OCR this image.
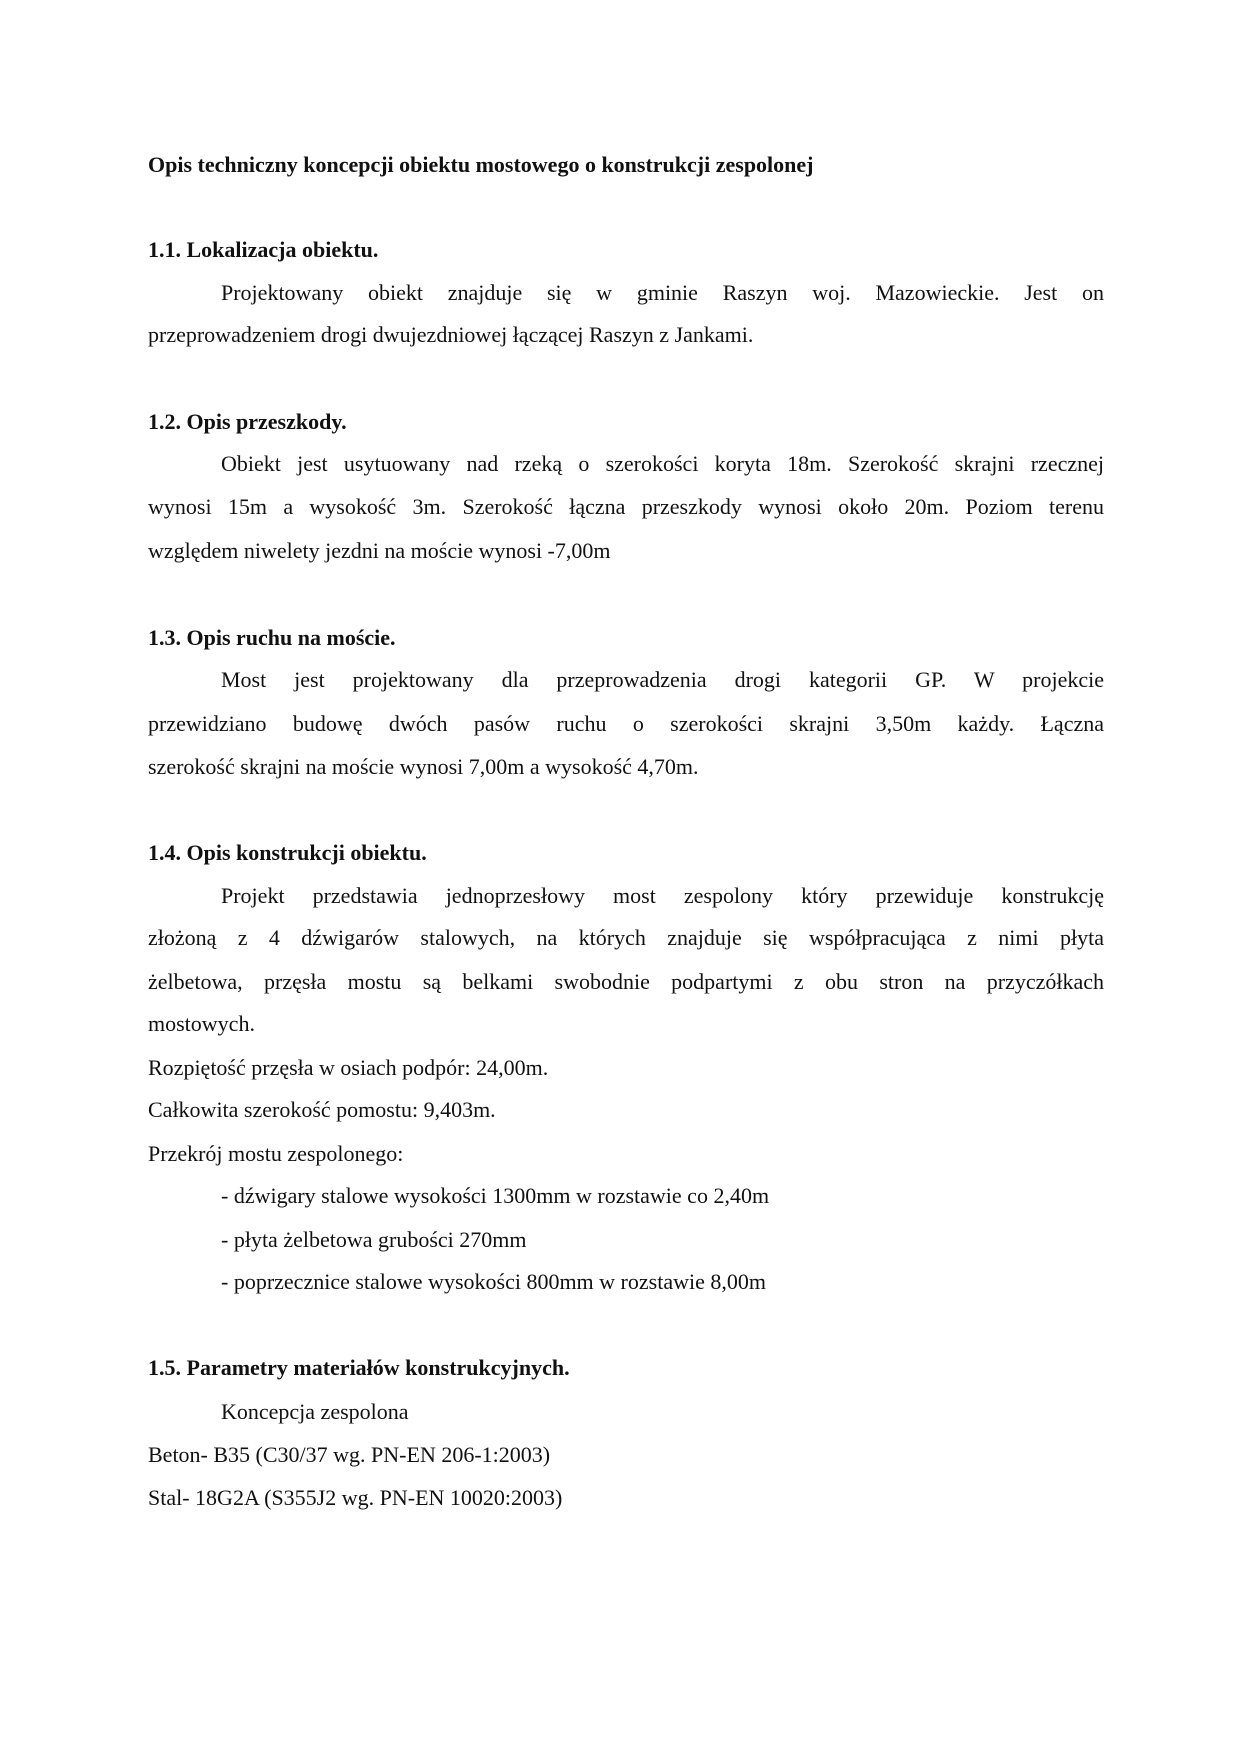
Opis techniczny koncepcji obiektu mostowego o konstrukcji zespolonej
1.1. Lokalizacja obiektu.
Projektowany obiekt znajduje się w gminie Raszyn woj. Mazowieckie. Jest on
przeprowadzeniem drogi dwujezdniowej łączącej Raszyn z Jankami.
1.2. Opis przeszkody.
Obiekt jest usytuowany nad rzeką o szerokości koryta 18m. Szerokość skrajni rzecznej
wynosi 15m a wysokość 3m. Szerokość łączna przeszkody wynosi około 20m. Poziom terenu
względem niwelety jezdni na moście wynosi -7,00m
1.3. Opis ruchu na moście.
Most jest projektowany dla przeprowadzenia drogi kategorii GP. W projekcie
przewidziano budowę dwóch pasów ruchu o szerokości skrajni 3,50m każdy. Łączna
szerokość skrajni na moście wynosi 7,00m a wysokość 4,70m.
1.4. Opis konstrukcji obiektu.
Projekt przedstawia jednoprzesłowy most zespolony który przewiduje konstrukcję
złożoną z 4 dźwigarów stalowych, na których znajduje się współpracująca z nimi płyta
żelbetowa, przęsła mostu są belkami swobodnie podpartymi z obu stron na przyczółkach
mostowych.
Rozpiętość przęsła w osiach podpór: 24,00m.
Całkowita szerokość pomostu: 9,403m.
Przekrój mostu zespolonego:
- dźwigary stalowe wysokości 1300mm w rozstawie co 2,40m
- płyta żelbetowa grubości 270mm
- poprzecznice stalowe wysokości 800mm w rozstawie 8,00m
1.5. Parametry materiałów konstrukcyjnych.
Koncepcja zespolona
Beton- B35 (C30/37 wg. PN-EN 206-1:2003)
Stal- 18G2A (S355J2 wg. PN-EN 10020:2003)
